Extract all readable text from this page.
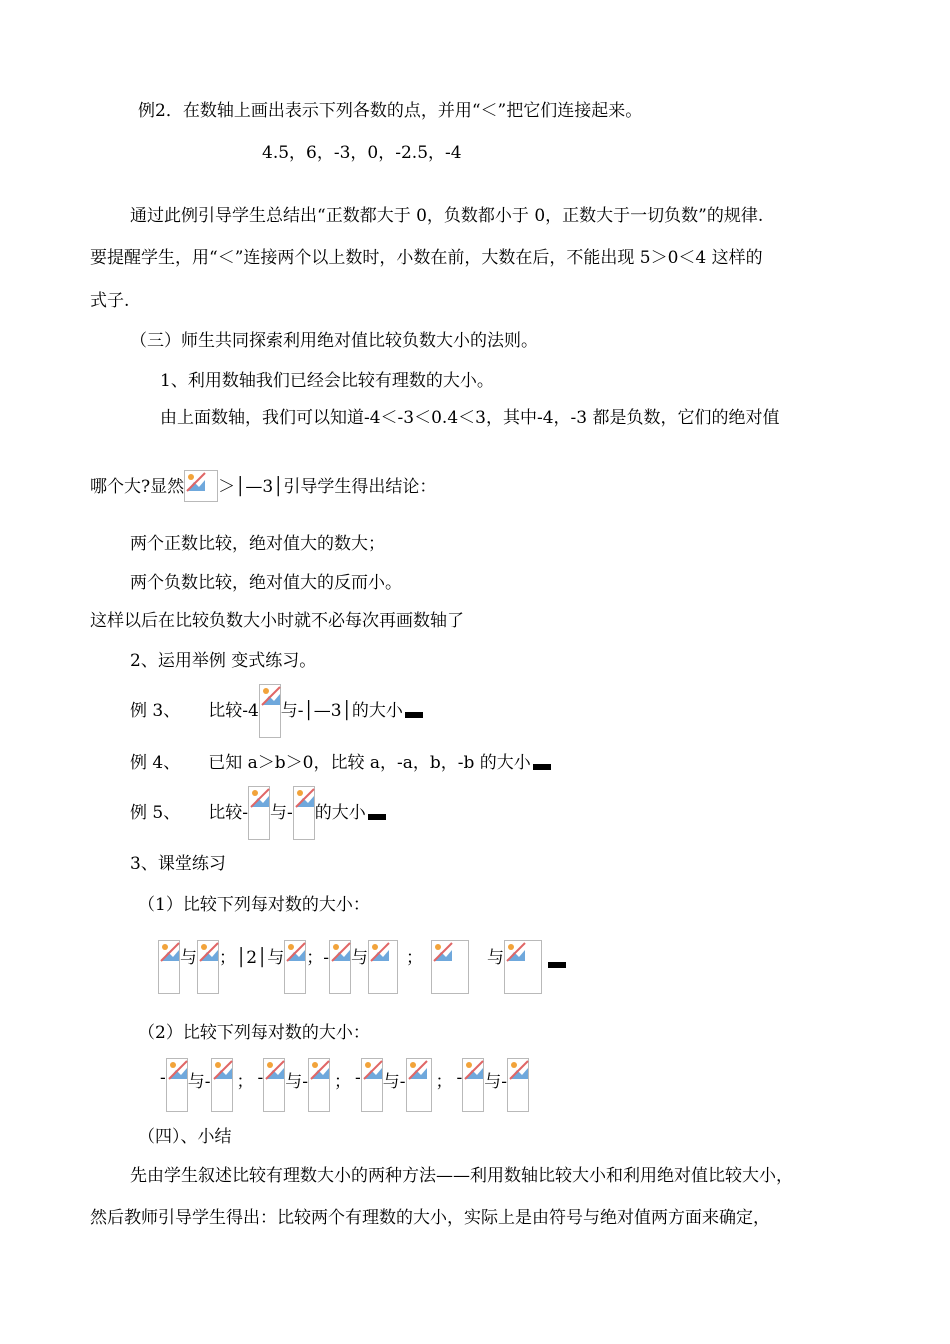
例2．在数轴上画出表示下列各数的点，并用“＜”把它们连接起来。
4.5，6，-3，0，-2.5，-4
通过此例引导学生总结出“正数都大于 0，负数都小于 0，正数大于一切负数”的规律.
要提醒学生，用“＜”连接两个以上数时，小数在前，大数在后，不能出现 5＞0＜4 这样的
式子.
（三）师生共同探索利用绝对值比较负数大小的法则。
1、利用数轴我们已经会比较有理数的大小。
由上面数轴，我们可以知道-4＜-3＜0.4＜3，其中-4，-3 都是负数，它们的绝对值
哪个大?显然 ＞│—3│引导学生得出结论：
两个正数比较，绝对值大的数大；
两个负数比较，绝对值大的反而小。
这样以后在比较负数大小时就不必每次再画数轴了
2、运用举例 变式练习。
例 3、 比较-4 与-│—3│的大小
例 4、 已知 a＞b＞0，比较 a，-a，b，-b 的大小
例 5、 比较- 与- 的大小
3、课堂练习
（1）比较下列每对数的大小：
与 ；│2│与 ；- 与 ；	与
（2）比较下列每对数的大小：
- 与- ； - 与- ； - 与- ； - 与-
（四）、小结
先由学生叙述比较有理数大小的两种方法——利用数轴比较大小和利用绝对值比较大小，
然后教师引导学生得出：比较两个有理数的大小，实际上是由符号与绝对值两方面来确定，
